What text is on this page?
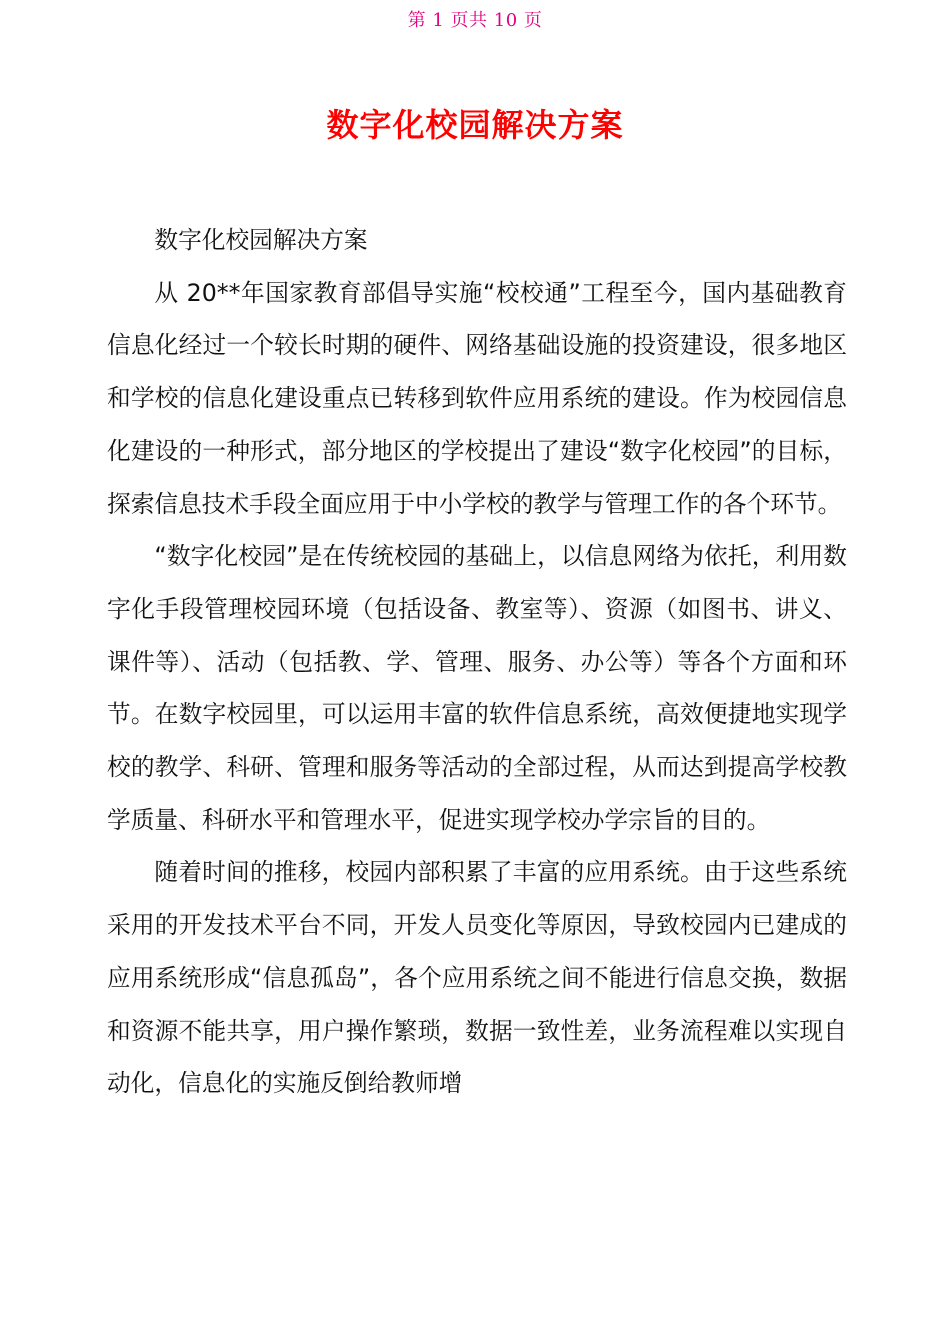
第 1 页共 10 页
数字化校园解决方案

数字化校园解决方案

从 20**年国家教育部倡导实施“校校通”工程至今，国内基础教育信息化经过一个较长时期的硬件、网络基础设施的投资建设，很多地区和学校的信息化建设重点已转移到软件应用系统的建设。作为校园信息化建设的一种形式，部分地区的学校提出了建设“数字化校园”的目标，探索信息技术手段全面应用于中小学校的教学与管理工作的各个环节。

“数字化校园”是在传统校园的基础上，以信息网络为依托，利用数字化手段管理校园环境（包括设备、教室等）、资源（如图书、讲义、课件等）、活动（包括教、学、管理、服务、办公等）等各个方面和环节。在数字校园里，可以运用丰富的软件信息系统，高效便捷地实现学校的教学、科研、管理和服务等活动的全部过程，从而达到提高学校教学质量、科研水平和管理水平，促进实现学校办学宗旨的目的。

随着时间的推移，校园内部积累了丰富的应用系统。由于这些系统采用的开发技术平台不同，开发人员变化等原因，导致校园内已建成的应用系统形成“信息孤岛”，各个应用系统之间不能进行信息交换，数据和资源不能共享，用户操作繁琐，数据一致性差，业务流程难以实现自动化，信息化的实施反倒给教师增
